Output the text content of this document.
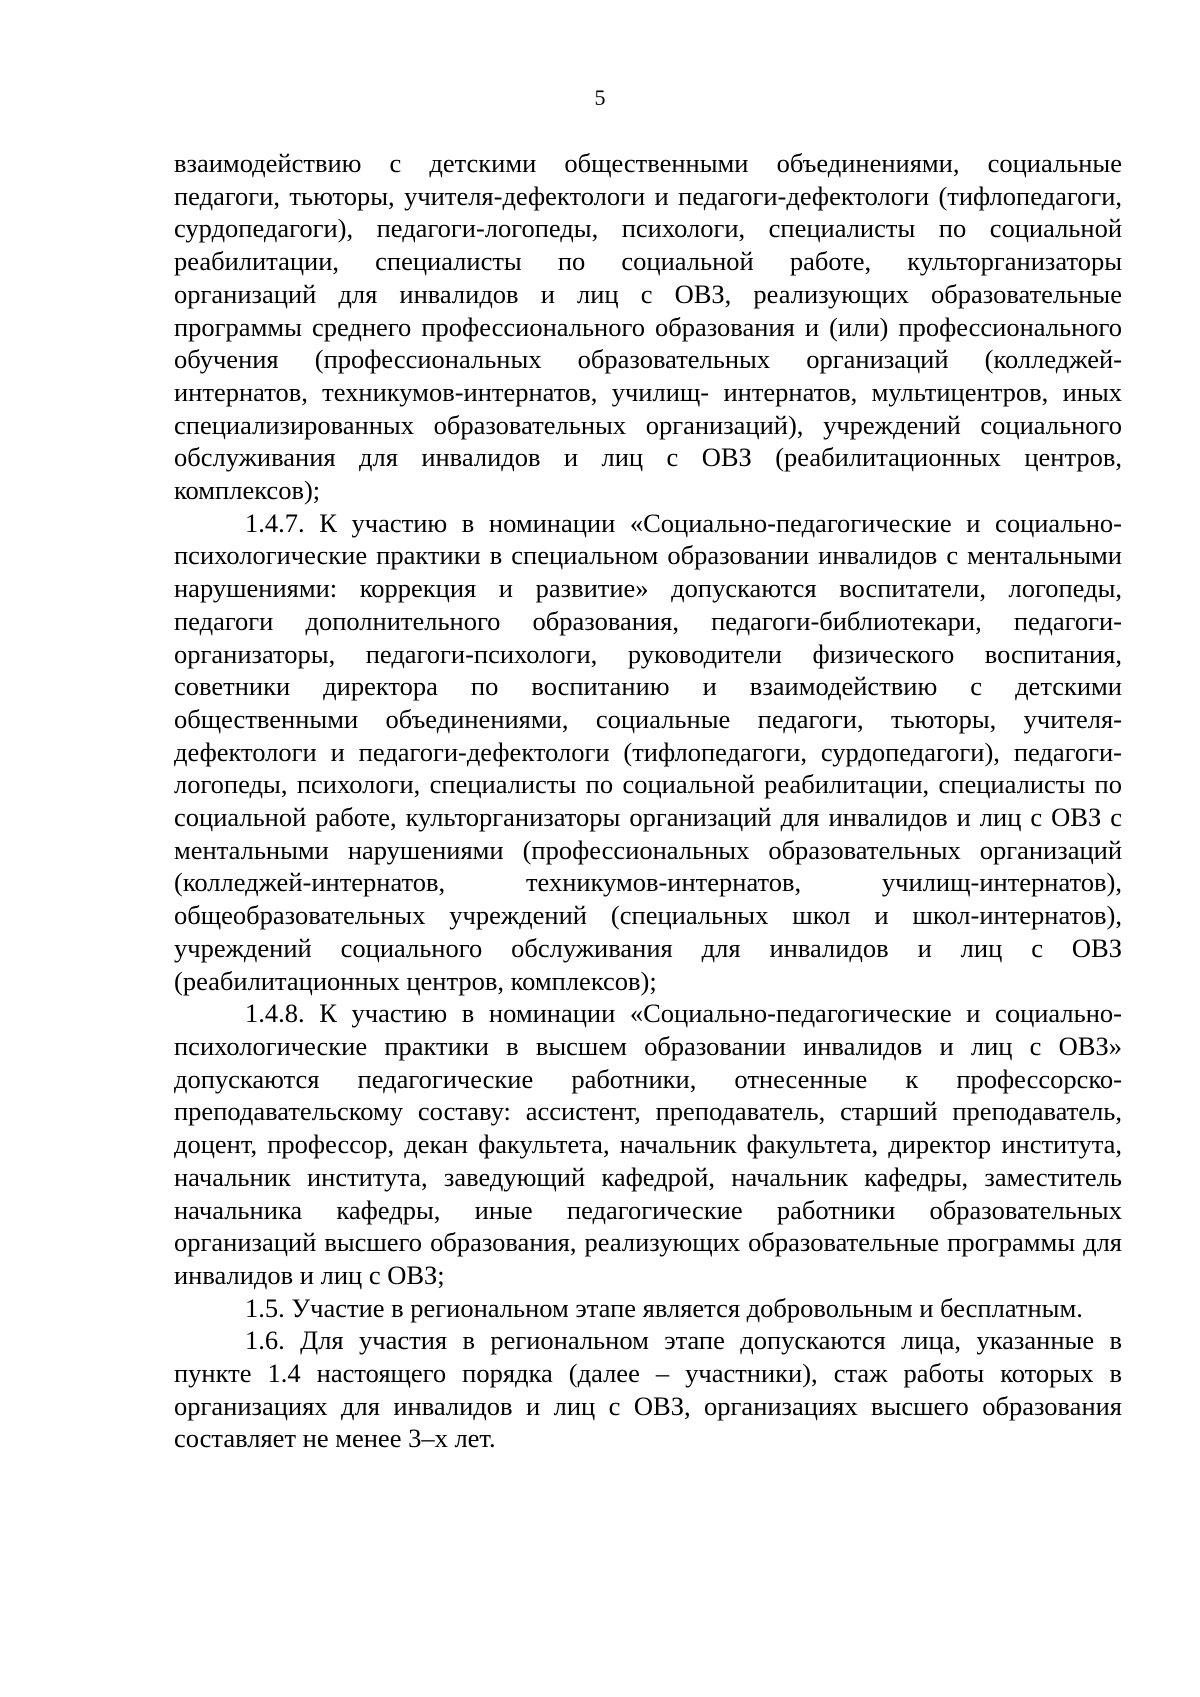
5

взаимодействию с детскими общественными объединениями, социальные педагоги, тьюторы, учителя-дефектологи и педагоги-дефектологи (тифлопедагоги, сурдопедагоги), педагоги-логопеды, психологи, специалисты по социальной реабилитации, специалисты по социальной работе, культорганизаторы организаций для инвалидов и лиц с ОВЗ, реализующих образовательные программы среднего профессионального образования и (или) профессионального обучения (профессиональных образовательных организаций (колледжей-интернатов, техникумов-интернатов, училищ- интернатов, мультицентров, иных специализированных образовательных организаций), учреждений социального обслуживания для инвалидов и лиц с ОВЗ (реабилитационных центров, комплексов);

1.4.7. К участию в номинации «Социально-педагогические и социально-психологические практики в специальном образовании инвалидов с ментальными нарушениями: коррекция и развитие» допускаются воспитатели, логопеды, педагоги дополнительного образования, педагоги-библиотекари, педагоги-организаторы, педагоги-психологи, руководители физического воспитания, советники директора по воспитанию и взаимодействию с детскими общественными объединениями, социальные педагоги, тьюторы, учителя-дефектологи и педагоги-дефектологи (тифлопедагоги, сурдопедагоги), педагоги-логопеды, психологи, специалисты по социальной реабилитации, специалисты по социальной работе, культорганизаторы организаций для инвалидов и лиц с ОВЗ с ментальными нарушениями (профессиональных образовательных организаций (колледжей-интернатов, техникумов-интернатов, училищ-интернатов), общеобразовательных учреждений (специальных школ и школ-интернатов), учреждений социального обслуживания для инвалидов и лиц с ОВЗ (реабилитационных центров, комплексов);

1.4.8. К участию в номинации «Социально-педагогические и социально-психологические практики в высшем образовании инвалидов и лиц с ОВЗ» допускаются педагогические работники, отнесенные к профессорско-преподавательскому составу: ассистент, преподаватель, старший преподаватель, доцент, профессор, декан факультета, начальник факультета, директор института, начальник института, заведующий кафедрой, начальник кафедры, заместитель начальника кафедры, иные педагогические работники образовательных организаций высшего образования, реализующих образовательные программы для инвалидов и лиц с ОВЗ;

1.5. Участие в региональном этапе является добровольным и бесплатным.

1.6. Для участия в региональном этапе допускаются лица, указанные в пункте 1.4 настоящего порядка (далее – участники), стаж работы которых в организациях для инвалидов и лиц с ОВЗ, организациях высшего образования составляет не менее 3–х лет.
